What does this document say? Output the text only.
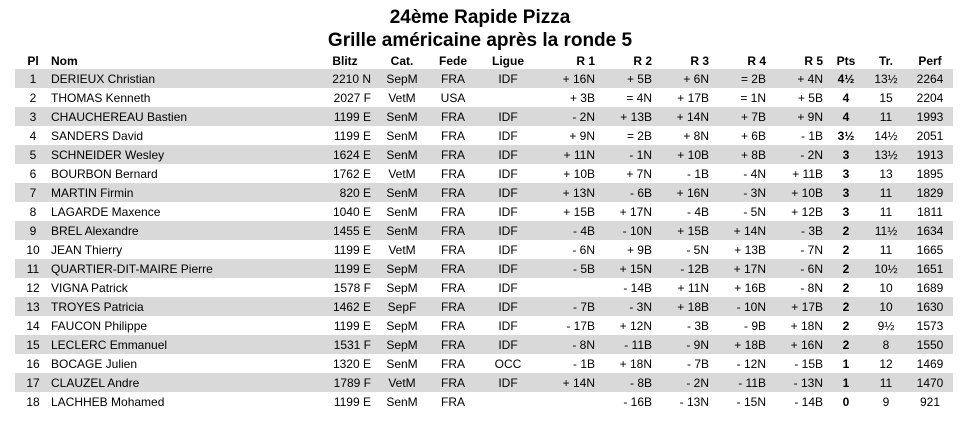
24ème Rapide Pizza
Grille américaine après la ronde 5
Pl	Nom	Blitz	Cat.	Fede	Ligue	R 1	R 2	R 3	R 4	R 5	Pts	Tr.	Perf
1	DERIEUX Christian	2210 N	SepM	FRA	IDF	+ 16N	+ 5B	+ 6N	= 2B	+ 4N	4½	13½	2264
2	THOMAS Kenneth	2027 F	VetM	USA		+ 3B	= 4N	+ 17B	= 1N	+ 5B	4	15	2204
3	CHAUCHEREAU Bastien	1199 E	SenM	FRA	IDF	- 2N	+ 13B	+ 14N	+ 7B	+ 9N	4	11	1993
4	SANDERS David	1199 E	SenM	FRA	IDF	+ 9N	= 2B	+ 8N	+ 6B	- 1B	3½	14½	2051
5	SCHNEIDER Wesley	1624 E	SenM	FRA	IDF	+ 11N	- 1N	+ 10B	+ 8B	- 2N	3	13½	1913
6	BOURBON Bernard	1762 E	VetM	FRA	IDF	+ 10B	+ 7N	- 1B	- 4N	+ 11B	3	13	1895
7	MARTIN Firmin	820 E	SenM	FRA	IDF	+ 13N	- 6B	+ 16N	- 3N	+ 10B	3	11	1829
8	LAGARDE Maxence	1040 E	SenM	FRA	IDF	+ 15B	+ 17N	- 4B	- 5N	+ 12B	3	11	1811
9	BREL Alexandre	1455 E	SenM	FRA	IDF	- 4B	- 10N	+ 15B	+ 14N	- 3B	2	11½	1634
10	JEAN Thierry	1199 E	VetM	FRA	IDF	- 6N	+ 9B	- 5N	+ 13B	- 7N	2	11	1665
11	QUARTIER-DIT-MAIRE Pierre	1199 E	SepM	FRA	IDF	- 5B	+ 15N	- 12B	+ 17N	- 6N	2	10½	1651
12	VIGNA Patrick	1578 F	SepM	FRA	IDF		- 14B	+ 11N	+ 16B	- 8N	2	10	1689
13	TROYES Patricia	1462 E	SepF	FRA	IDF	- 7B	- 3N	+ 18B	- 10N	+ 17B	2	10	1630
14	FAUCON Philippe	1199 E	SepM	FRA	IDF	- 17B	+ 12N	- 3B	- 9B	+ 18N	2	9½	1573
15	LECLERC Emmanuel	1531 F	SepM	FRA	IDF	- 8N	- 11B	- 9N	+ 18B	+ 16N	2	8	1550
16	BOCAGE Julien	1320 E	SenM	FRA	OCC	- 1B	+ 18N	- 7B	- 12N	- 15B	1	12	1469
17	CLAUZEL Andre	1789 F	VetM	FRA	IDF	+ 14N	- 8B	- 2N	- 11B	- 13N	1	11	1470
18	LACHHEB Mohamed	1199 E	SenM	FRA			- 16B	- 13N	- 15N	- 14B	0	9	921
